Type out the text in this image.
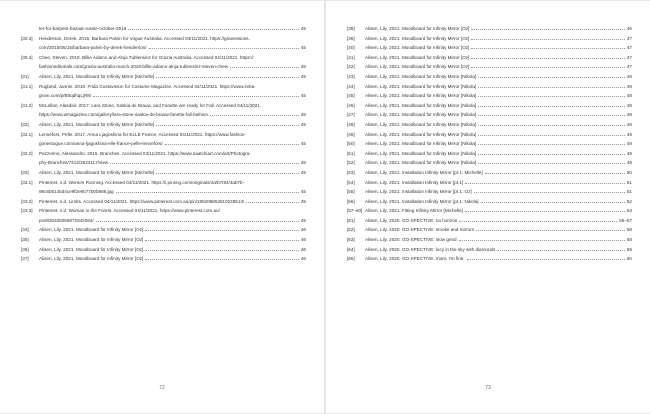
ter-for-barpers-bazaar-russie-october-2016	45
[30.3]	Henderson, Derek. 2015. Barbara Palvin for Vogue Australia. Accessed 04/11/2021. https://gravesisons.
com/2015/05/15/barbara-palvin-by-derek-henderson/	45
[30.4]	Chee, Steven. 2018. Billie Adamo and Alnja Tublensinz for Grazia Australia. Accessed 04/11/2021. https://
fashioneditorials.com/grazia-australia-march-2018-billie-adamo-alnja-tublensinz-steven-chee/	45
[31]	Alisen, Lily. 2021. Moodboard for Infinity Mirror [Michelle]	45
[31.1]	Rugland, Jannie. 2019. Frida Gustavsson for Costume Magazine. Accessed 04/11/2021. https://www.insta-
gram.com/p/B0qdhqLjR8/	45
[31.2]	McLellan, Alasdair. 2017. Lara Stone, Saskia de Brauw, and Fanette are ready for Fall. Accessed 04/11/2021.
https://www.wmagazine.com/gallery/lara-stone-saskia-de-brauw-fanette-fall-fashion	45
[32]	Alisen, Lily. 2021. Moodboard for Infinity Mirror [Michelle]	45
[32.1]	Lennefors, Pelle. 2017. Anna Ljagoshina for ELLE France. Accessed 04/11/2021. https://www.fashion-
gonestogue.com/anna-ljagoshina-elle-france-pelle-lennefors/	45
[32.2]	Pezzerino, Alessandro. 2015. Branches. Accessed 04/11/2021. https://www.saatchiart.com/art/Photogra-
phy-Branches/7414/2624117/view	45
[33]	Alisen, Lily. 2021. Moodboard for Infinity Mirror [Michelle]	45
[33.1]	Pinterest. n.d. Women Running. Accessed 04/11/2021. https://i.pinimg.com/originals/4a/b7/84/4ab7b-
98c6b5145d4ce9f2e9b77b0b888.jpg	45
[33.2]	Pinterest. n.d. Limbs. Accessed 04/11/2021. https://www.pinterest.com.au/pin/185208853810228513/	45
[33.3]	Pinterest. n.d. Woman in the Forest. Accessed 04/11/2021. https://www.pinterest.com.au/
pin/830408056872942064/	45
[34]	Alisen, Lily. 2021. Moodboard for Infinity Mirror [Oz]	46
[35]	Alisen, Lily. 2021. Moodboard for Infinity Mirror [Oz]	46
[36]	Alisen, Lily. 2021. Moodboard for Infinity Mirror [Oz]	46
[37]	Alisen, Lily. 2021. Moodboard for Infinity Mirror [Oz]	46
72
[38]	Alisen, Lily. 2021. Moodboard for Infinity Mirror [Oz]	46
[39]	Alisen, Lily. 2021. Moodboard for Infinity Mirror [Oz]	47
[40]	Alisen, Lily. 2021. Moodboard for Infinity Mirror [Oz]	47
[41]	Alisen, Lily. 2021. Moodboard for Infinity Mirror [Oz]	47
[42]	Alisen, Lily. 2021. Moodboard for Infinity Mirror [Oz]	47
[43]	Alisen, Lily. 2021. Moodboard for Infinity Mirror [Nikola]	48
[44]	Alisen, Lily. 2021. Moodboard for Infinity Mirror [Nikola]	48
[45]	Alisen, Lily. 2021. Moodboard for Infinity Mirror [Nikola]	48
[46]	Alisen, Lily. 2021. Moodboard for Infinity Mirror [Nikola]	48
[47]	Alisen, Lily. 2021. Moodboard for Infinity Mirror [Nikola]	48
[48]	Alisen, Lily. 2021. Moodboard for Infinity Mirror [Nikola]	48
[49]	Alisen, Lily. 2021. Moodboard for Infinity Mirror [Nikola]	49
[50]	Alisen, Lily. 2021. Moodboard for Infinity Mirror [Nikola]	49
[51]	Alisen, Lily. 2021. Moodboard for Infinity Mirror [Nikola]	49
[52]	Alisen, Lily. 2021. Moodboard for Infinity Mirror [Nikola]	49
[53]	Alisen, Lily. 2021. Installation Infinity Mirror [pt.1: Michelle]	50
[54]	Alisen, Lily. 2021. Installation Infinity Mirror [pt.1]	51
[55]	Alisen, Lily. 2021. Installation Infinity Mirror [pt.1: Oz]	51
[56]	Alisen, Lily. 2021. Installation Infinity Mirror [pt.1: Nikola]	52
[57–60] Alisen, Lily. 2021. Fitting Infinity Mirror [Michelle]	53
[61]	Alisen, Lily. 2020. GO-SPECTIVE: no horizon	56–57
[62]	Alisen, Lily. 2020. GO-SPECTIVE: smoke and mirrors	58
[63]	Alisen, Lily. 2020. GO-SPECTIVE: slow grind	58
[64]	Alisen, Lily. 2020. GO-SPECTIVE: lucy in the sky with diamonds	59
[65]	Alisen, Lily. 2020. GO-SPECTIVE: mom, I'm fine.	60
73
